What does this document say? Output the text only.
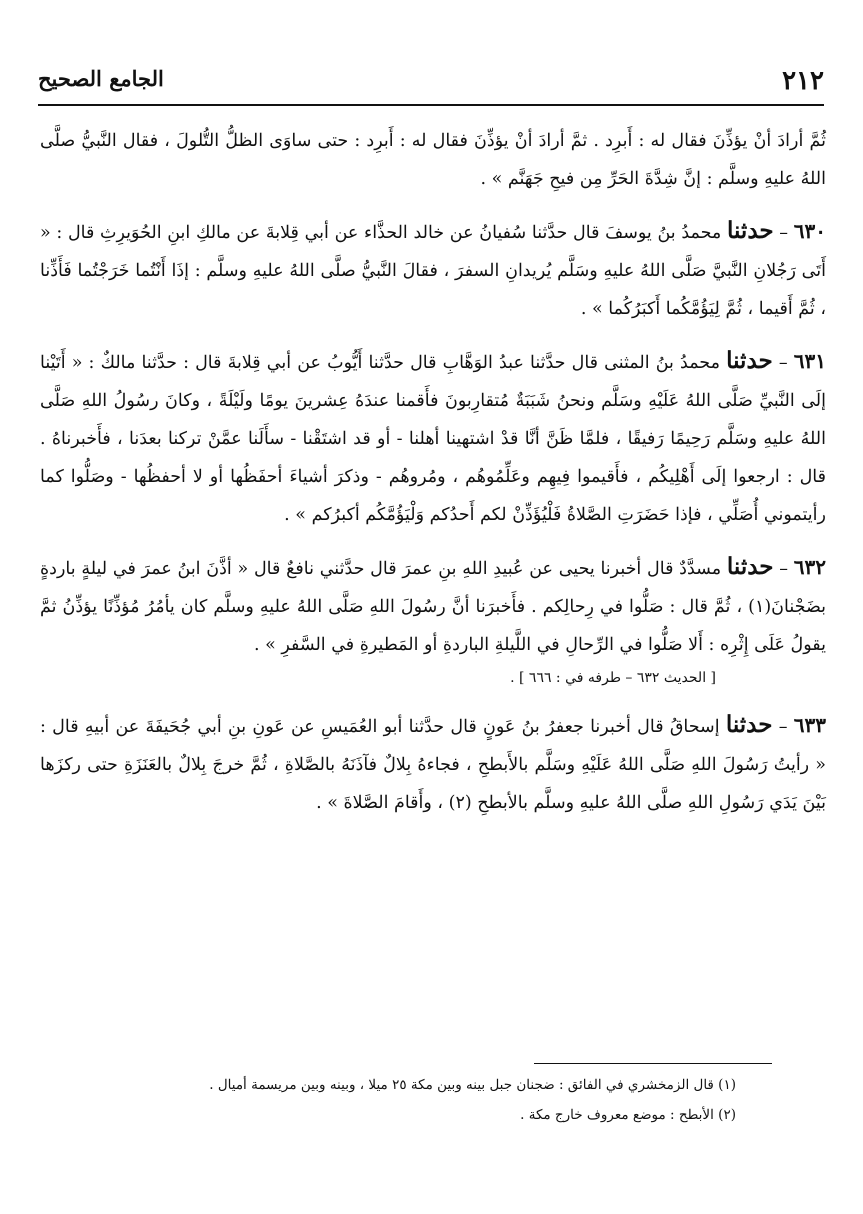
٢١٢
الجامع الصحيح

ثُمَّ أرادَ أنْ يؤذِّنَ فقال له : أَبرِد . ثمَّ أرادَ أنْ يؤذِّنَ فقال له : أَبرِد : حتى ساوَى الظلُّ التُّلولَ ، فقال النَّبيُّ صلَّى اللهُ عليهِ وسلَّم : إنَّ شِدَّةَ الحَرِّ مِن فيحِ جَهَنَّم » .

٦٣٠ – حدثنا محمدُ بنُ يوسفَ قال حدَّثنا سُفيانُ عن خالد الحذَّاء عن أبي قِلابةَ عن مالكِ ابنِ الحُوَيرِثِ قال : « أَتَى رَجُلانِ النَّبيَّ صَلَّى اللهُ عليهِ وسَلَّم يُريدانِ السفرَ ، فقالَ النَّبيُّ صلَّى اللهُ عليهِ وسلَّم : إذَا أَنْتُما خَرَجْتُما فَأَذِّنا ، ثُمَّ أَقيما ، ثُمَّ لِيَؤُمَّكُما أَكبَرُكُما » .

٦٣١ – حدثنا محمدُ بنُ المثنى قال حدَّثنا عبدُ الوَهَّابِ قال حدَّثنا أَيُّوبُ عن أبي قِلابةَ قال : حدَّثنا مالكٌ : « أَتَيْنا إلَى النَّبيِّ صَلَّى اللهُ عَلَيْهِ وسَلَّم ونحنُ شَبَبَةٌ مُتقارِبونَ فأَقمنا عندَهُ عِشرينَ يومًا ولَيْلَةً ، وكانَ رسُولُ اللهِ صَلَّى اللهُ عليهِ وسَلَّم رَحِيمًا رَفيقًا ، فلمَّا ظَنَّ أنَّا قدْ اشتهينا أهلنا - أو قد اشتَقْنا - سأَلَنا عمَّنْ تركنا بعدَنا ، فأَخبرناهُ . قال : ارجعوا إلَى أَهْلِيكُم ، فأَقيموا فِيهِم وعَلِّمُوهُم ، ومُروهُم - وذكرَ أشياءَ أحفَظُها أو لا أحفظُها - وصَلُّوا كما رأيتموني أُصَلِّي ، فإذا حَضَرَتِ الصَّلاةُ فَلْيُؤَذِّنْ لكم أَحدُكم وَلْيَؤُمَّكُم أكبرُكم » .

٦٣٢ – حدثنا مسدَّدٌ قال أخبرنا يحيى عن عُبيدِ اللهِ بنِ عمرَ قال حدَّثني نافعٌ قال « أذَّنَ ابنُ عمرَ في ليلةٍ باردةٍ بضَجْنانَ(١) ، ثُمَّ قال : صَلُّوا في رِحالِكم . فأَخبرَنا أنَّ رسُولَ اللهِ صَلَّى اللهُ عليهِ وسلَّم كان يأمُرُ مُؤذِّنًا يؤذِّنُ ثمَّ يقولُ عَلَى إِثْرِه : أَلا صَلُّوا في الرِّحالِ في اللَّيلةِ الباردةِ أو المَطيرةِ في السَّفرِ » .

[ الحديث ٦٣٢ – طرفه في : ٦٦٦ ] .

٦٣٣ – حدثنا إسحاقُ قال أخبرنا جعفرُ بنُ عَونٍ قال حدَّثنا أبو العُمَيسِ عن عَونِ بنِ أبي جُحَيفَةَ عن أبيهِ قال : « رأيتُ رَسُولَ اللهِ صَلَّى اللهُ عَلَيْهِ وسَلَّم بالأَبطحِ ، فجاءهُ بِلالٌ فآذَنَهُ بالصَّلاةِ ، ثُمَّ خرجَ بِلالٌ بالعَنَزَةِ حتى ركزَها بَيْنَ يَدَي رَسُولِ اللهِ صلَّى اللهُ عليهِ وسلَّم بالأبطحِ (٢) ، وأَقامَ الصَّلاةَ » .

(١) قال الزمخشري في الفائق : ضجنان جبل بينه وبين مكة ٢٥ ميلا ، وبينه وبين مريسمة أميال .

(٢) الأبطح : موضع معروف خارج مكة .
